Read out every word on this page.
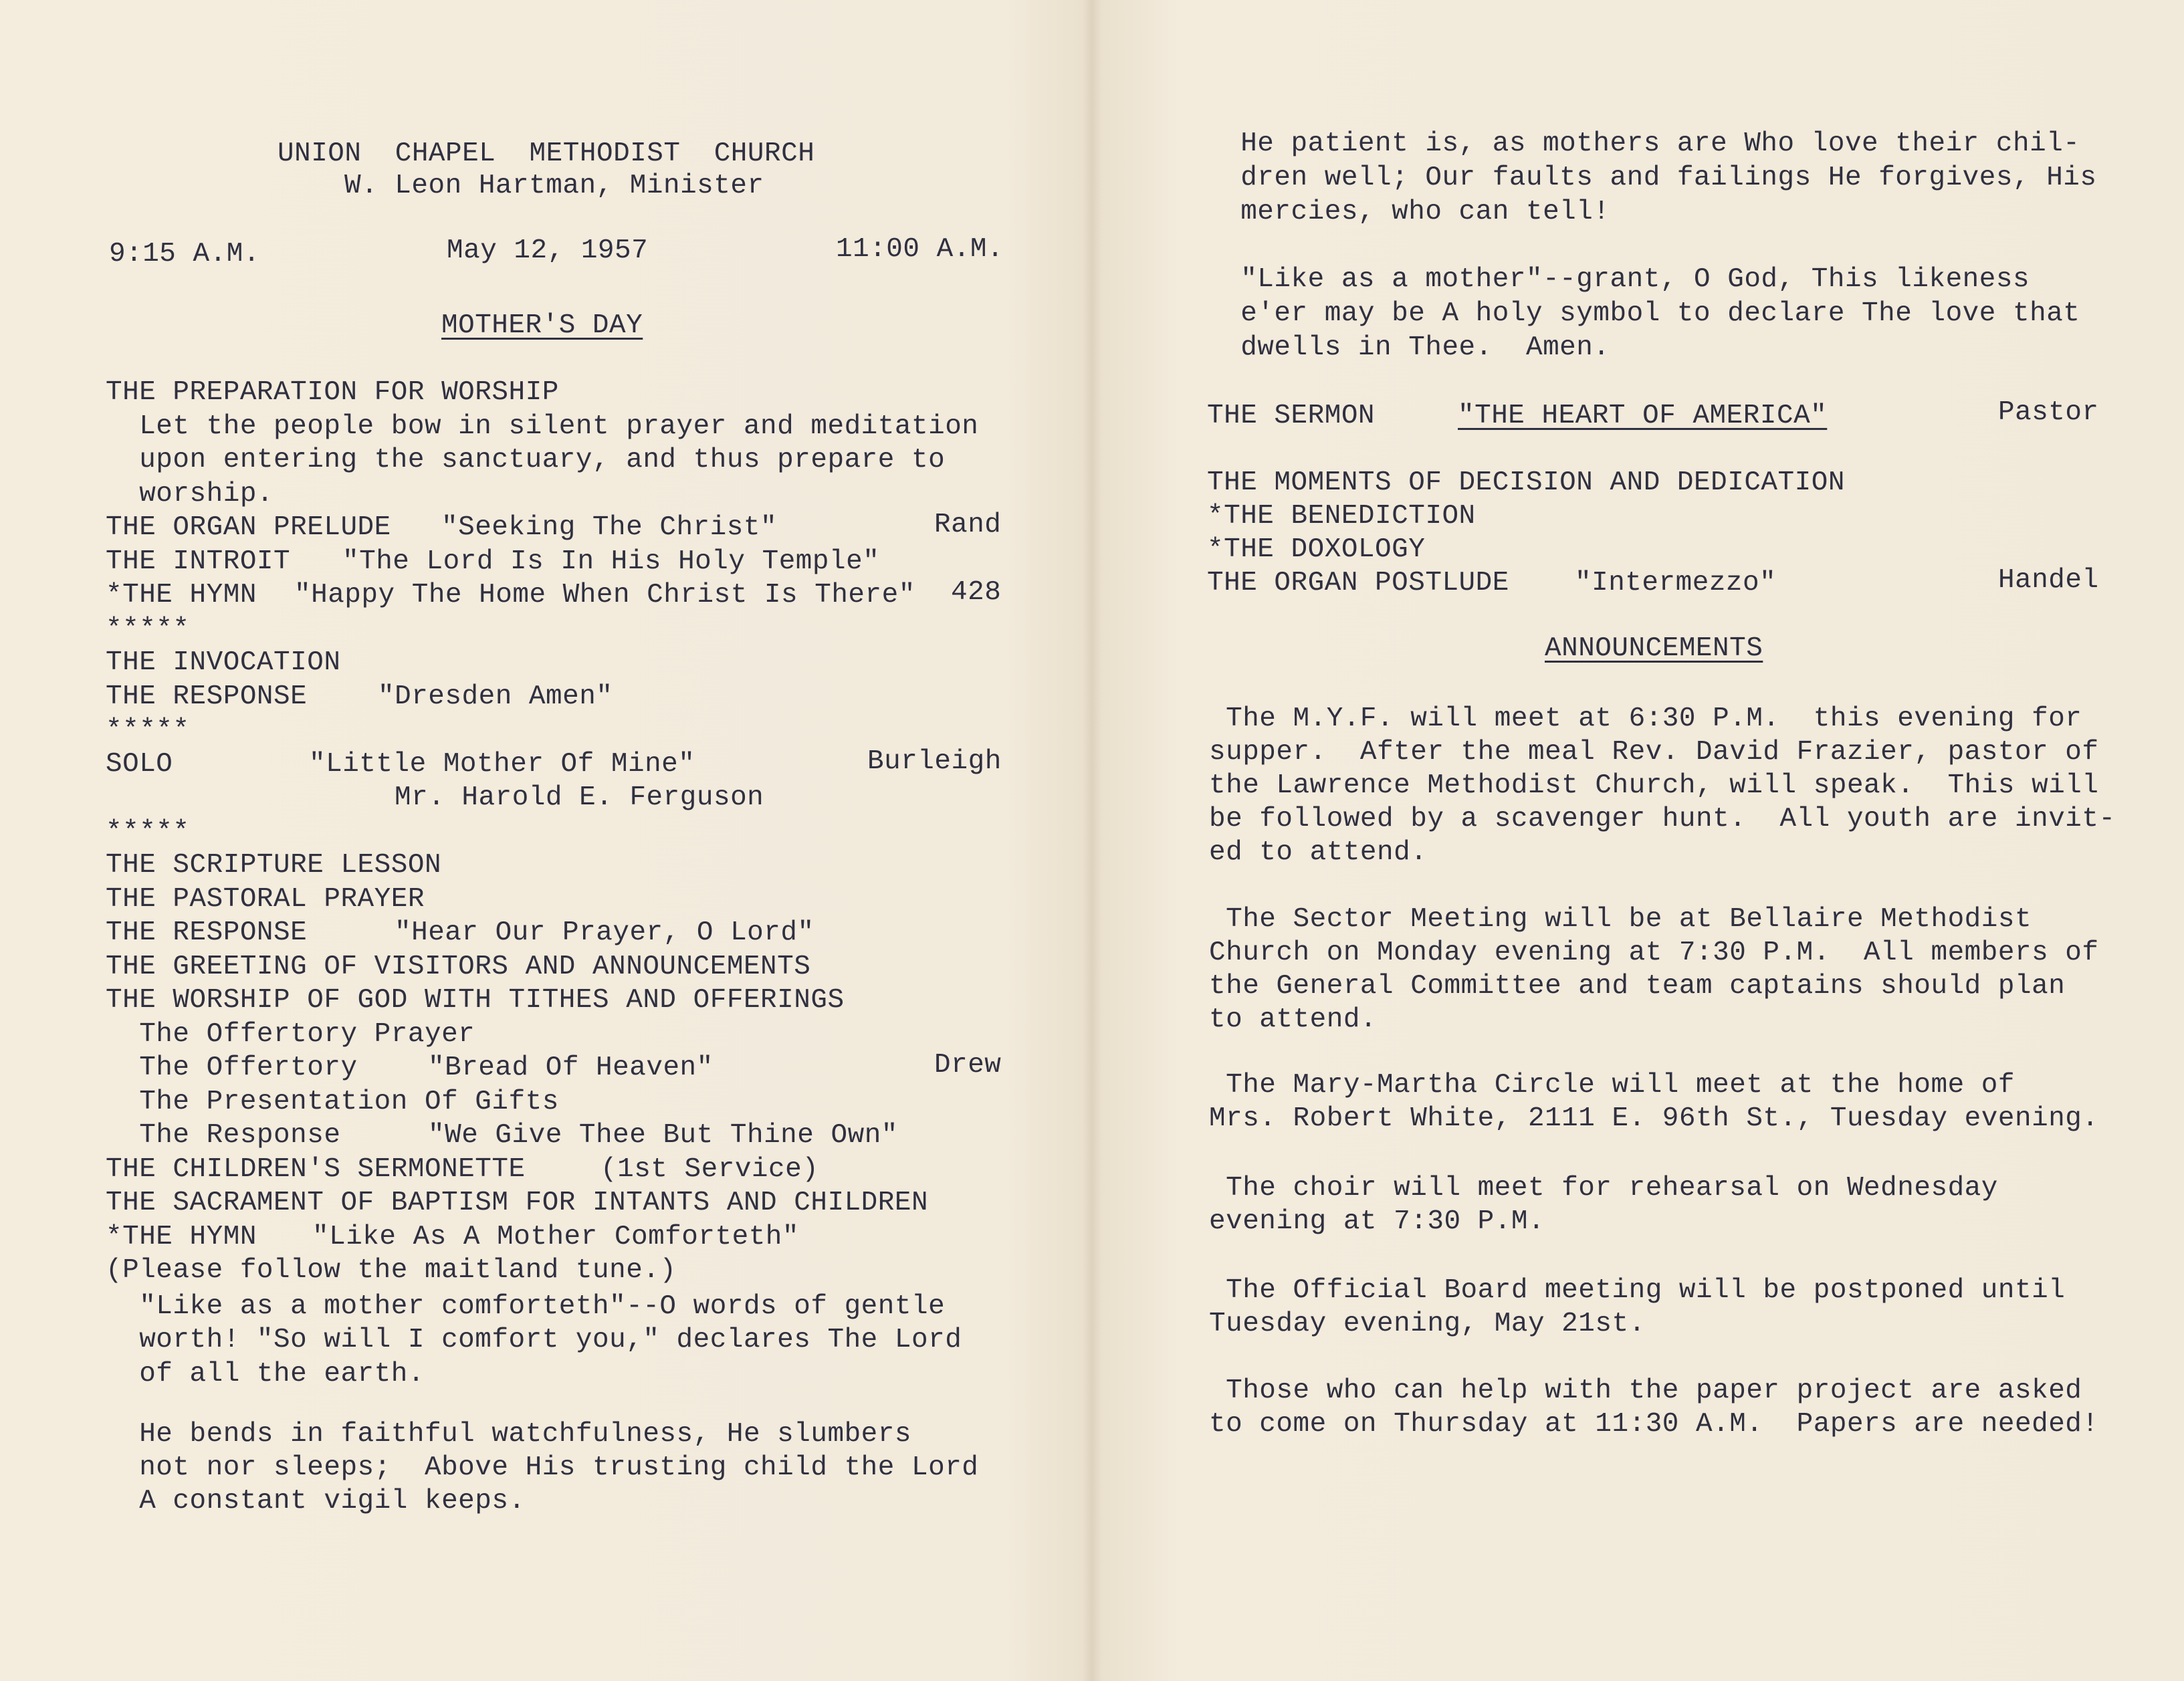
UNION  CHAPEL  METHODIST  CHURCH
W. Leon Hartman, Minister
9:15 A.M.	May 12, 1957	11:00 A.M.
MOTHER'S DAY
THE PREPARATION FOR WORSHIP
Let the people bow in silent prayer and meditation
upon entering the sanctuary, and thus prepare to
worship.
THE ORGAN PRELUDE "Seeking The Christ"	Rand
THE INTROIT "The Lord Is In His Holy Temple"
*THE HYMN "Happy The Home When Christ Is There" 428
*****
THE INVOCATION
THE RESPONSE	"Dresden Amen"
*****
SOLO	"Little Mother Of Mine"	Burleigh
Mr. Harold E. Ferguson
*****
THE SCRIPTURE LESSON
THE PASTORAL PRAYER
THE RESPONSE	"Hear Our Prayer, O Lord"
THE GREETING OF VISITORS AND ANNOUNCEMENTS
THE WORSHIP OF GOD WITH TITHES AND OFFERINGS
The Offertory Prayer
The Offertory	"Bread Of Heaven"	Drew
The Presentation Of Gifts
The Response	"We Give Thee But Thine Own"
THE CHILDREN'S SERMONETTE	(1st Service)
THE SACRAMENT OF BAPTISM FOR INTANTS AND CHILDREN
*THE HYMN "Like As A Mother Comforteth"
(Please follow the maitland tune.)
"Like as a mother comforteth"--O words of gentle
worth! "So will I comfort you," declares The Lord
of all the earth.
He bends in faithful watchfulness, He slumbers
not nor sleeps;  Above His trusting child the Lord
A constant vigil keeps.
He patient is, as mothers are Who love their chil-
dren well; Our faults and failings He forgives, His
mercies, who can tell!
"Like as a mother"--grant, O God, This likeness
e'er may be A holy symbol to declare The love that
dwells in Thee.  Amen.
THE SERMON	"THE HEART OF AMERICA"	Pastor
THE MOMENTS OF DECISION AND DEDICATION
*THE BENEDICTION
*THE DOXOLOGY
THE ORGAN POSTLUDE "Intermezzo"	Handel
ANNOUNCEMENTS
The M.Y.F. will meet at 6:30 P.M.  this evening for
supper.  After the meal Rev. David Frazier, pastor of
the Lawrence Methodist Church, will speak.  This will
be followed by a scavenger hunt.  All youth are invit-
ed to attend.
The Sector Meeting will be at Bellaire Methodist
Church on Monday evening at 7:30 P.M.  All members of
the General Committee and team captains should plan
to attend.
The Mary-Martha Circle will meet at the home of
Mrs. Robert White, 2111 E. 96th St., Tuesday evening.
The choir will meet for rehearsal on Wednesday
evening at 7:30 P.M.
The Official Board meeting will be postponed until
Tuesday evening, May 21st.
Those who can help with the paper project are asked
to come on Thursday at 11:30 A.M.  Papers are needed!
